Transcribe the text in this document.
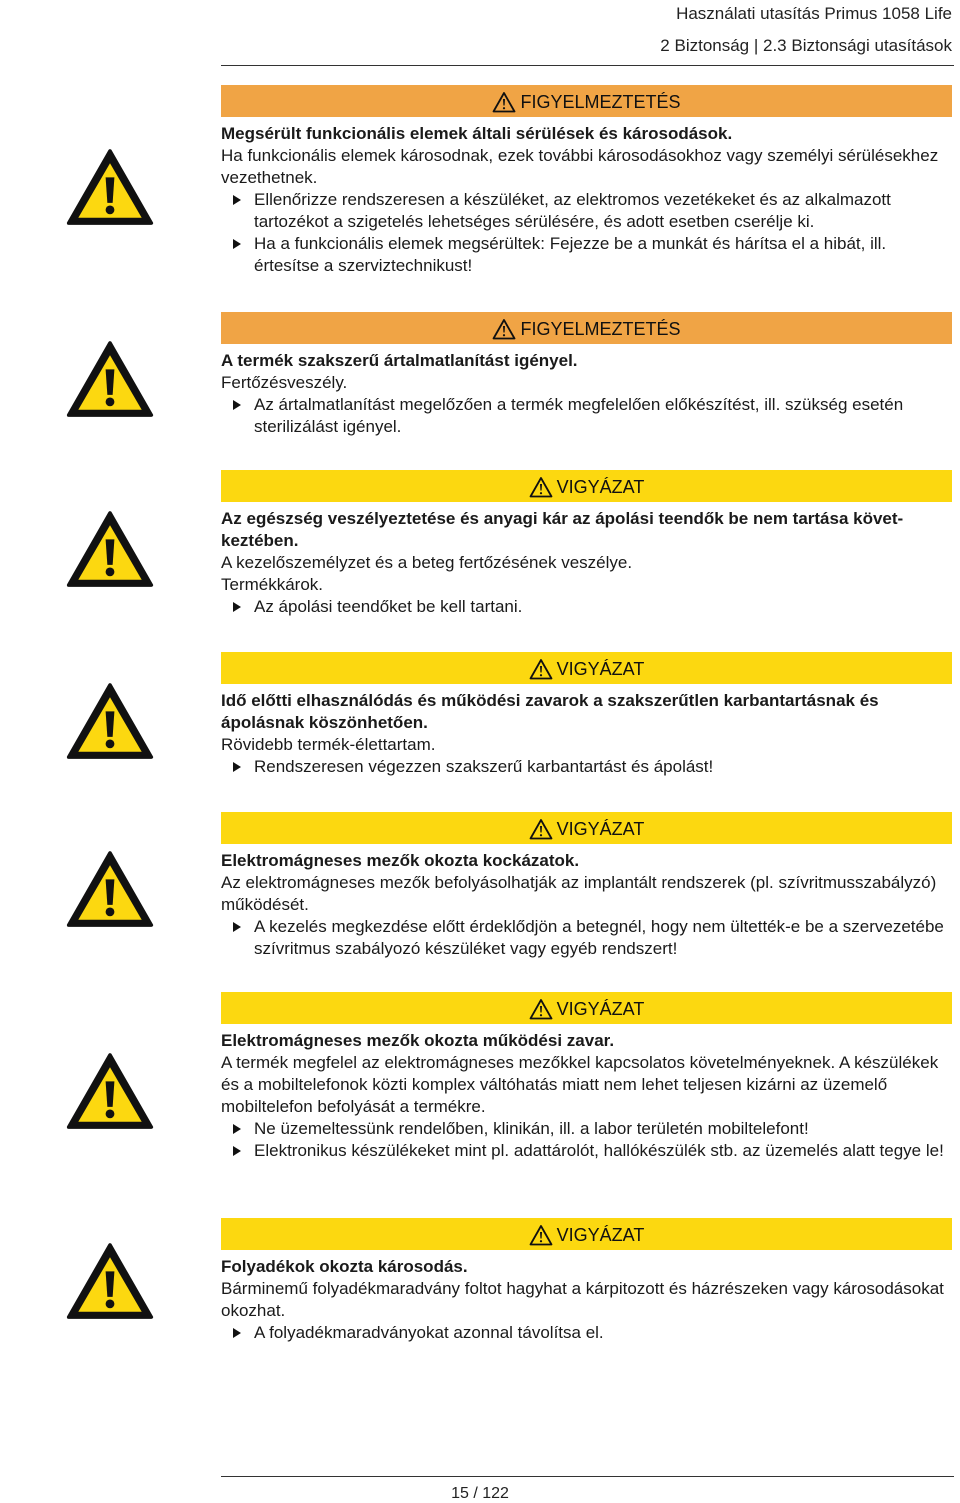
Használati utasítás Primus 1058 Life
2 Biztonság | 2.3 Biztonsági utasítások
FIGYELMEZTETÉS

Megsérült funkcionális elemek általi sérülések és károsodások.

Ha funkcionális elemek károsodnak, ezek további károsodásokhoz vagy személyi sérülésekhez vezethetnek.

Ellenőrizze rendszeresen a készüléket, az elektromos vezetékeket és az alkalmazott tartozékot a szigetelés lehetséges sérülésére, és adott esetben cserélje ki.

Ha a funkcionális elemek megsérültek: Fejezze be a munkát és hárítsa el a hibát, ill. értesítse a szerviztechnikust!

FIGYELMEZTETÉS

A termék szakszerű ártalmatlanítást igényel.

Fertőzésveszély.

Az ártalmatlanítást megelőzően a termék megfelelően előkészítést, ill. szükség esetén sterilizálást igényel.

VIGYÁZAT

Az egészség veszélyeztetése és anyagi kár az ápolási teendők be nem tartása következtében.

A kezelőszemélyzet és a beteg fertőzésének veszélye.

Termékkárok.

Az ápolási teendőket be kell tartani.

VIGYÁZAT

Idő előtti elhasználódás és működési zavarok a szakszerűtlen karbantartásnak és ápolásnak köszönhetően.

Rövidebb termék-élettartam.

Rendszeresen végezzen szakszerű karbantartást és ápolást!

VIGYÁZAT

Elektromágneses mezők okozta kockázatok.

Az elektromágneses mezők befolyásolhatják az implantált rendszerek (pl. szívritmusszabályzó) működését.

A kezelés megkezdése előtt érdeklődjön a betegnél, hogy nem ültették-e be a szervezetébe szívritmus szabályozó készüléket vagy egyéb rendszert!

VIGYÁZAT

Elektromágneses mezők okozta működési zavar.

A termék megfelel az elektromágneses mezőkkel kapcsolatos követelményeknek. A készülékek és a mobiltelefonok közti komplex váltóhatás miatt nem lehet teljesen kizárni az üzemelő mobiltelefon befolyását a termékre.

Ne üzemeltessünk rendelőben, klinikán, ill. a labor területén mobiltelefont!

Elektronikus készülékeket mint pl. adattárolót, hallókészülék stb. az üzemelés alatt tegye le!

VIGYÁZAT

Folyadékok okozta károsodás.

Bárminemű folyadékmaradvány foltot hagyhat a kárpitozott és házrészeken vagy károsodásokat okozhat.

A folyadékmaradványokat azonnal távolítsa el.

15 / 122
